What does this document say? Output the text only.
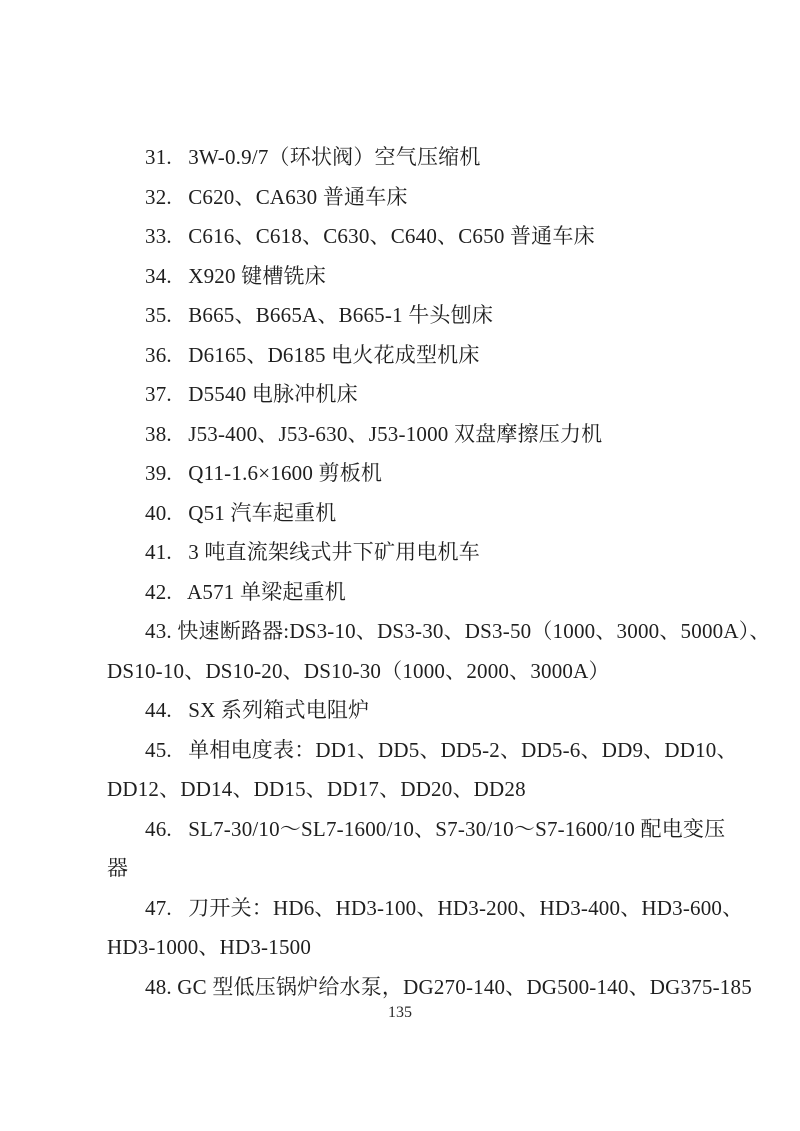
31.   3W-0.9/7（环状阀）空气压缩机
32.   C620、CA630 普通车床
33.   C616、C618、C630、C640、C650 普通车床
34.   X920 键槽铣床
35.   B665、B665A、B665-1 牛头刨床
36.   D6165、D6185 电火花成型机床
37.   D5540 电脉冲机床
38.   J53-400、J53-630、J53-1000 双盘摩擦压力机
39.   Q11-1.6×1600 剪板机
40.   Q51 汽车起重机
41.   3 吨直流架线式井下矿用电机车
42.   A571 单梁起重机
43. 快速断路器:DS3-10、DS3-30、DS3-50（1000、3000、5000A）、
DS10-10、DS10-20、DS10-30（1000、2000、3000A）
44.   SX 系列箱式电阻炉
45.   单相电度表：DD1、DD5、DD5-2、DD5-6、DD9、DD10、
DD12、DD14、DD15、DD17、DD20、DD28
46.   SL7-30/10～SL7-1600/10、S7-30/10～S7-1600/10 配电变压
器
47.   刀开关：HD6、HD3-100、HD3-200、HD3-400、HD3-600、
HD3-1000、HD3-1500
48. GC 型低压锅炉给水泵，DG270-140、DG500-140、DG375-185
135
